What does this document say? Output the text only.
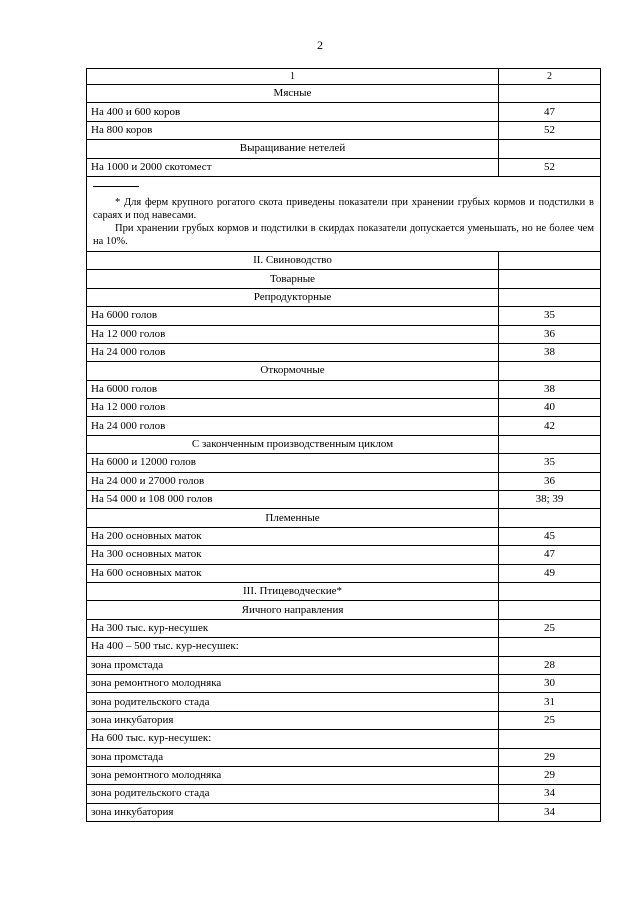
2
1	2
Мясные	
На 400 и 600 коров	47
На 800 коров	52
Выращивание нетелей	
На 1000 и 2000 скотомест	52

* Для ферм крупного рогатого скота приведены показатели при хранении грубых кормов и подстилки в сараях и под навесами.

При хранении грубых кормов и подстилки в скирдах показатели допускается уменьшать, но не более чем на 10%.	

II. Свиноводство	
Товарные	
Репродукторные	
На 6000 голов	35
На 12 000 голов	36
На 24 000 голов	38
Откормочные	
На 6000 голов	38
На 12 000 голов	40
На 24 000 голов	42
С законченным производственным циклом	
На 6000 и 12000 голов	35
На 24 000 и 27000 голов	36
На 54 000 и 108 000 голов	38; 39
Племенные	
На 200 основных маток	45
На 300 основных маток	47
На 600 основных маток	49
III. Птицеводческие*	
Яичного направления	
На 300 тыс. кур-несушек	25
На 400 – 500 тыс. кур-несушек:	
зона промстада	28
зона ремонтного молодняка	30
зона родительского стада	31
зона инкубатория	25
На 600 тыс. кур-несушек:	
зона промстада	29
зона ремонтного молодняка	29
зона родительского стада	34
зона инкубатория	34
